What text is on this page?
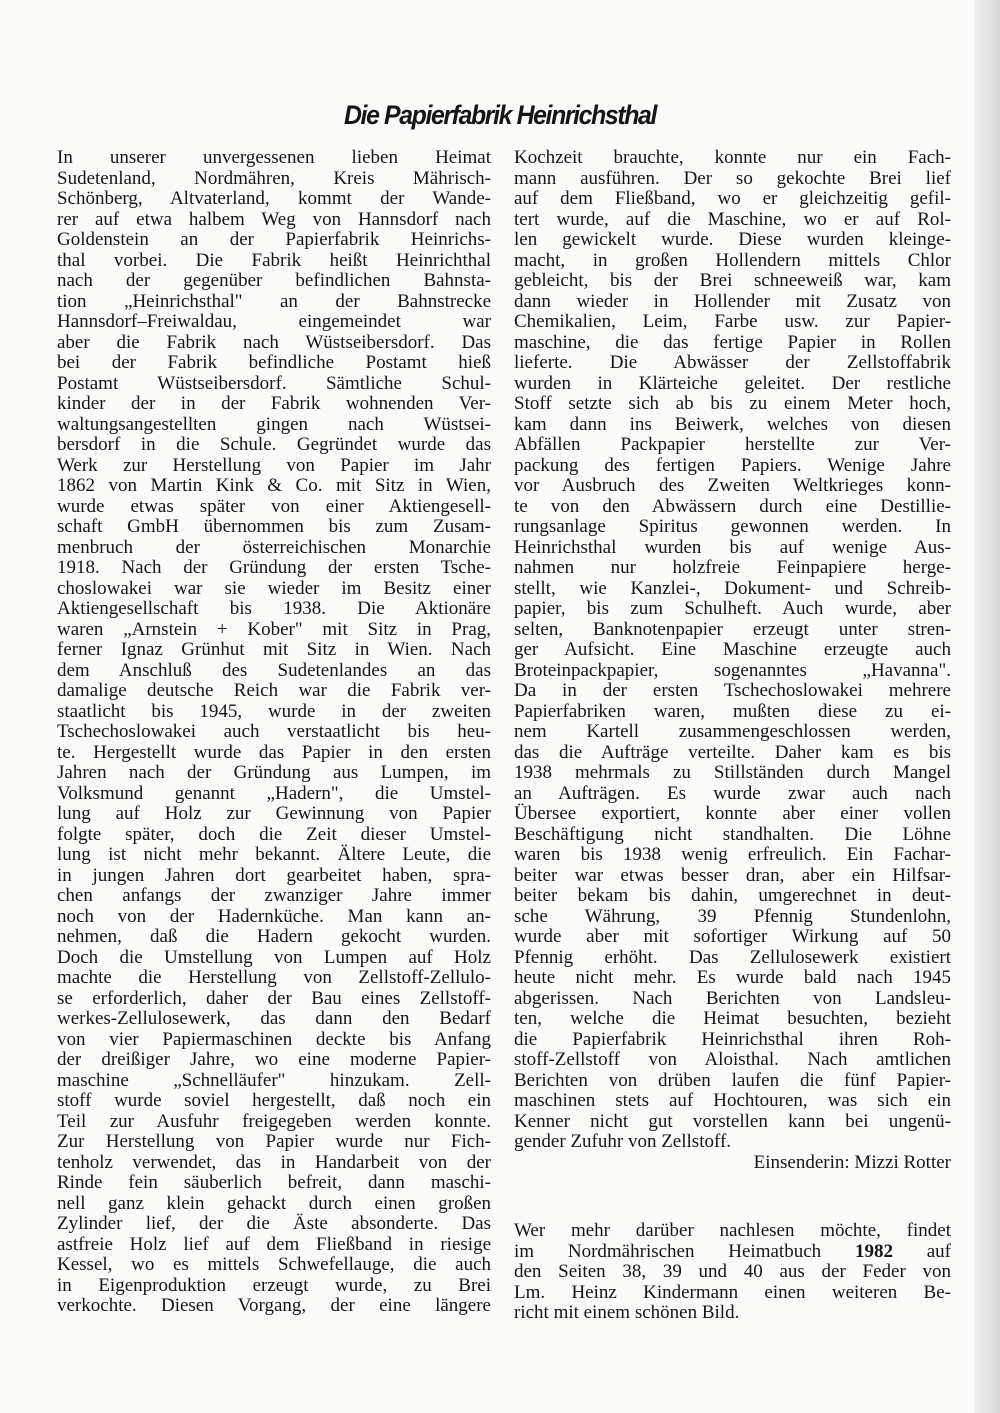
Die Papierfabrik Heinrichsthal
In unserer unvergessenen lieben Heimat
Sudetenland, Nordmähren, Kreis Mährisch-
Schönberg, Altvaterland, kommt der Wande-
rer auf etwa halbem Weg von Hannsdorf nach
Goldenstein an der Papierfabrik Heinrichs-
thal vorbei. Die Fabrik heißt Heinrichthal
nach der gegenüber befindlichen Bahnsta-
tion „Heinrichsthal" an der Bahnstrecke
Hannsdorf–Freiwaldau, eingemeindet war
aber die Fabrik nach Wüstseibersdorf. Das
bei der Fabrik befindliche Postamt hieß
Postamt Wüstseibersdorf. Sämtliche Schul-
kinder der in der Fabrik wohnenden Ver-
waltungsangestellten gingen nach Wüstsei-
bersdorf in die Schule. Gegründet wurde das
Werk zur Herstellung von Papier im Jahr
1862 von Martin Kink & Co. mit Sitz in Wien,
wurde etwas später von einer Aktiengesell-
schaft GmbH übernommen bis zum Zusam-
menbruch der österreichischen Monarchie
1918. Nach der Gründung der ersten Tsche-
choslowakei war sie wieder im Besitz einer
Aktiengesellschaft bis 1938. Die Aktionäre
waren „Arnstein + Kober" mit Sitz in Prag,
ferner Ignaz Grünhut mit Sitz in Wien. Nach
dem Anschluß des Sudetenlandes an das
damalige deutsche Reich war die Fabrik ver-
staatlicht bis 1945, wurde in der zweiten
Tschechoslowakei auch verstaatlicht bis heu-
te. Hergestellt wurde das Papier in den ersten
Jahren nach der Gründung aus Lumpen, im
Volksmund genannt „Hadern", die Umstel-
lung auf Holz zur Gewinnung von Papier
folgte später, doch die Zeit dieser Umstel-
lung ist nicht mehr bekannt. Ältere Leute, die
in jungen Jahren dort gearbeitet haben, spra-
chen anfangs der zwanziger Jahre immer
noch von der Hadernküche. Man kann an-
nehmen, daß die Hadern gekocht wurden.
Doch die Umstellung von Lumpen auf Holz
machte die Herstellung von Zellstoff-Zellulo-
se erforderlich, daher der Bau eines Zellstoff-
werkes-Zellulosewerk, das dann den Bedarf
von vier Papiermaschinen deckte bis Anfang
der dreißiger Jahre, wo eine moderne Papier-
maschine „Schnelläufer" hinzukam. Zell-
stoff wurde soviel hergestellt, daß noch ein
Teil zur Ausfuhr freigegeben werden konnte.
Zur Herstellung von Papier wurde nur Fich-
tenholz verwendet, das in Handarbeit von der
Rinde fein säuberlich befreit, dann maschi-
nell ganz klein gehackt durch einen großen
Zylinder lief, der die Äste absonderte. Das
astfreie Holz lief auf dem Fließband in riesige
Kessel, wo es mittels Schwefellauge, die auch
in Eigenproduktion erzeugt wurde, zu Brei
verkochte. Diesen Vorgang, der eine längere
Kochzeit brauchte, konnte nur ein Fach-
mann ausführen. Der so gekochte Brei lief
auf dem Fließband, wo er gleichzeitig gefil-
tert wurde, auf die Maschine, wo er auf Rol-
len gewickelt wurde. Diese wurden kleinge-
macht, in großen Hollendern mittels Chlor
gebleicht, bis der Brei schneeweiß war, kam
dann wieder in Hollender mit Zusatz von
Chemikalien, Leim, Farbe usw. zur Papier-
maschine, die das fertige Papier in Rollen
lieferte. Die Abwässer der Zellstoffabrik
wurden in Klärteiche geleitet. Der restliche
Stoff setzte sich ab bis zu einem Meter hoch,
kam dann ins Beiwerk, welches von diesen
Abfällen Packpapier herstellte zur Ver-
packung des fertigen Papiers. Wenige Jahre
vor Ausbruch des Zweiten Weltkrieges konn-
te von den Abwässern durch eine Destillie-
rungsanlage Spiritus gewonnen werden. In
Heinrichsthal wurden bis auf wenige Aus-
nahmen nur holzfreie Feinpapiere herge-
stellt, wie Kanzlei-, Dokument- und Schreib-
papier, bis zum Schulheft. Auch wurde, aber
selten, Banknotenpapier erzeugt unter stren-
ger Aufsicht. Eine Maschine erzeugte auch
Broteinpackpapier, sogenanntes „Havanna".
Da in der ersten Tschechoslowakei mehrere
Papierfabriken waren, mußten diese zu ei-
nem Kartell zusammengeschlossen werden,
das die Aufträge verteilte. Daher kam es bis
1938 mehrmals zu Stillständen durch Mangel
an Aufträgen. Es wurde zwar auch nach
Übersee exportiert, konnte aber einer vollen
Beschäftigung nicht standhalten. Die Löhne
waren bis 1938 wenig erfreulich. Ein Fachar-
beiter war etwas besser dran, aber ein Hilfsar-
beiter bekam bis dahin, umgerechnet in deut-
sche Währung, 39 Pfennig Stundenlohn,
wurde aber mit sofortiger Wirkung auf 50
Pfennig erhöht. Das Zellulosewerk existiert
heute nicht mehr. Es wurde bald nach 1945
abgerissen. Nach Berichten von Landsleu-
ten, welche die Heimat besuchten, bezieht
die Papierfabrik Heinrichsthal ihren Roh-
stoff-Zellstoff von Aloisthal. Nach amtlichen
Berichten von drüben laufen die fünf Papier-
maschinen stets auf Hochtouren, was sich ein
Kenner nicht gut vorstellen kann bei ungenü-
gender Zufuhr von Zellstoff.
Einsenderin: Mizzi Rotter
Wer mehr darüber nachlesen möchte, findet
im Nordmährischen Heimatbuch 1982 auf
den Seiten 38, 39 und 40 aus der Feder von
Lm. Heinz Kindermann einen weiteren Be-
richt mit einem schönen Bild.
